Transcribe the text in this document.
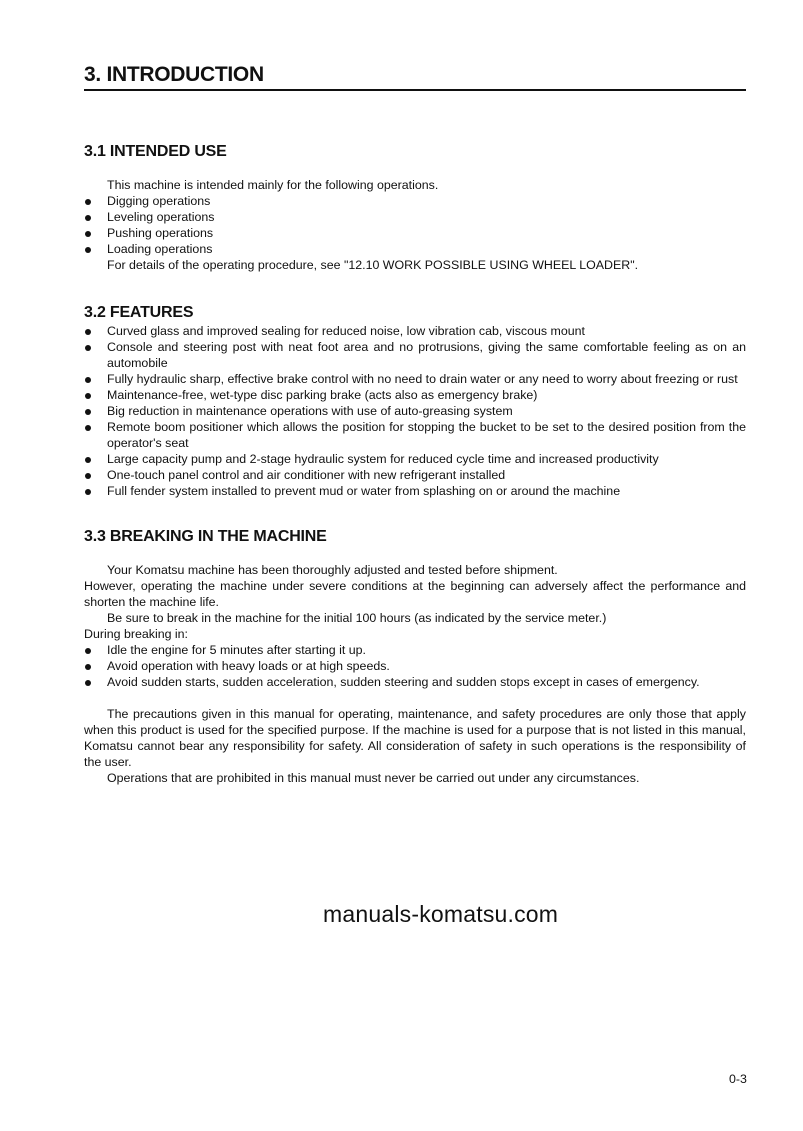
3. INTRODUCTION
3.1 INTENDED USE
This machine is intended mainly for the following operations.
Digging operations
Leveling operations
Pushing operations
Loading operations
For details of the operating procedure, see "12.10 WORK POSSIBLE USING WHEEL LOADER".
3.2 FEATURES
Curved glass and improved sealing for reduced noise, low vibration cab, viscous mount
Console and steering post with neat foot area and no protrusions, giving the same comfortable feeling as on an automobile
Fully hydraulic sharp, effective brake control with no need to drain water or any need to worry about freezing or rust
Maintenance-free, wet-type disc parking brake (acts also as emergency brake)
Big reduction in maintenance operations with use of auto-greasing system
Remote boom positioner which allows the position for stopping the bucket to be set to the desired position from the operator's seat
Large capacity pump and 2-stage hydraulic system for reduced cycle time and increased productivity
One-touch panel control and air conditioner with new refrigerant installed
Full fender system installed to prevent mud or water from splashing on or around the machine
3.3 BREAKING IN THE MACHINE

Your Komatsu machine has been thoroughly adjusted and tested before shipment.

However, operating the machine under severe conditions at the beginning can adversely affect the performance and shorten the machine life.

Be sure to break in the machine for the initial 100 hours (as indicated by the service meter.)

During breaking in:

Idle the engine for 5 minutes after starting it up.
Avoid operation with heavy loads or at high speeds.
Avoid sudden starts, sudden acceleration, sudden steering and sudden stops except in cases of emergency.

The precautions given in this manual for operating, maintenance, and safety procedures are only those that apply when this product is used for the specified purpose. If the machine is used for a purpose that is not listed in this manual, Komatsu cannot bear any responsibility for safety. All consideration of safety in such operations is the responsibility of the user.

Operations that are prohibited in this manual must never be carried out under any circumstances.

manuals-komatsu.com
0-3
